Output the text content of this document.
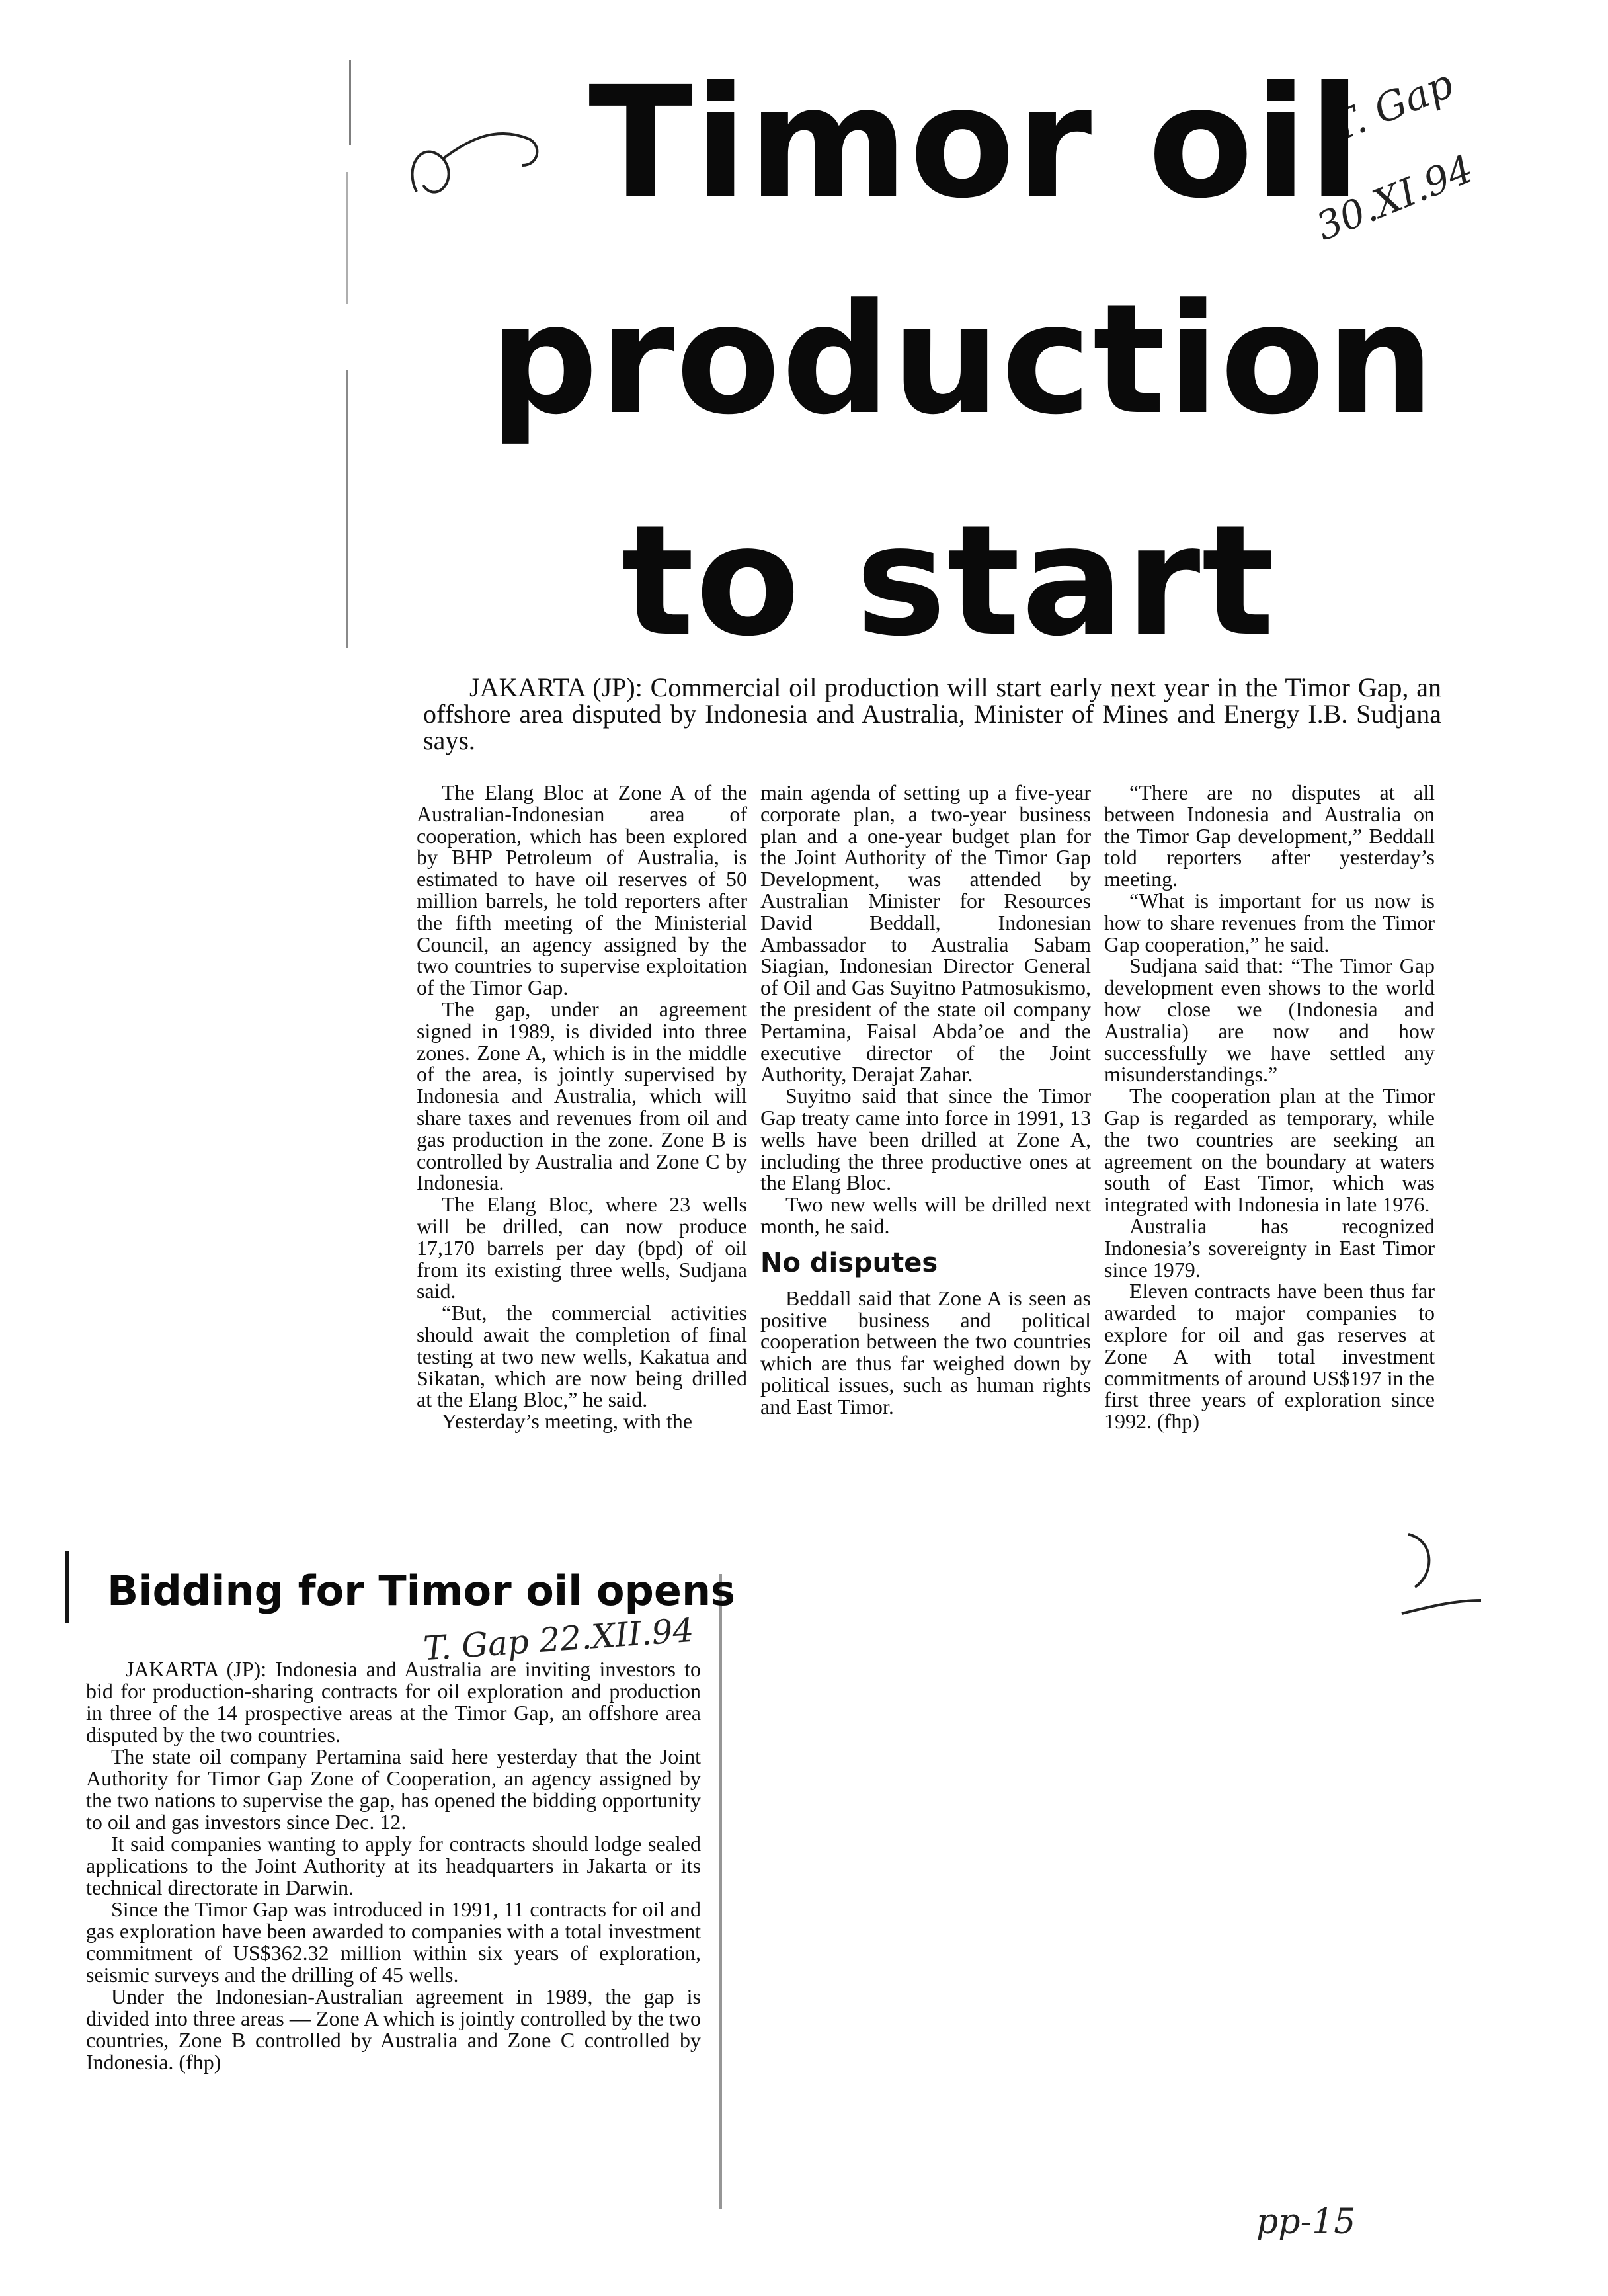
T. Gap
30.XI.94
Timor oil
production
to start
JAKARTA (JP): Commercial oil production will start early next year in the Timor Gap, an offshore area disputed by Indonesia and Australia, Minister of Mines and Energy I.B. Sudjana says.

The Elang Bloc at Zone A of the Australian-Indonesian area of cooperation, which has been explored by BHP Petroleum of Australia, is estimated to have oil reserves of 50 million barrels, he told reporters after the fifth meeting of the Ministerial Council, an agency assigned by the two countries to supervise exploitation of the Timor Gap.

The gap, under an agreement signed in 1989, is divided into three zones. Zone A, which is in the middle of the area, is jointly supervised by Indonesia and Australia, which will share taxes and revenues from oil and gas production in the zone. Zone B is controlled by Australia and Zone C by Indonesia.

The Elang Bloc, where 23 wells will be drilled, can now produce 17,170 barrels per day (bpd) of oil from its existing three wells, Sudjana said.

“But, the commercial activities should await the completion of final testing at two new wells, Kakatua and Sikatan, which are now being drilled at the Elang Bloc,” he said.

Yesterday’s meeting, with the

main agenda of setting up a five-year corporate plan, a two-year business plan and a one-year budget plan for the Joint Authority of the Timor Gap Development, was attended by Australian Minister for Resources David Beddall, Indonesian Ambassador to Australia Sabam Siagian, Indonesian Director General of Oil and Gas Suyitno Patmosukismo, the president of the state oil company Pertamina, Faisal Abda’oe and the executive director of the Joint Authority, Derajat Zahar.

Suyitno said that since the Timor Gap treaty came into force in 1991, 13 wells have been drilled at Zone A, including the three productive ones at the Elang Bloc.

Two new wells will be drilled next month, he said.

No disputes

Beddall said that Zone A is seen as positive business and political cooperation between the two countries which are thus far weighed down by political issues, such as human rights and East Timor.

“There are no disputes at all between Indonesia and Australia on the Timor Gap development,” Beddall told reporters after yesterday’s meeting.

“What is important for us now is how to share revenues from the Timor Gap cooperation,” he said.

Sudjana said that: “The Timor Gap development even shows to the world how close we (Indonesia and Australia) are now and how successfully we have settled any misunderstandings.”

The cooperation plan at the Timor Gap is regarded as temporary, while the two countries are seeking an agreement on the boundary at waters south of East Timor, which was integrated with Indonesia in late 1976.

Australia has recognized Indonesia’s sovereignty in East Timor since 1979.

Eleven contracts have been thus far awarded to major companies to explore for oil and gas reserves at Zone A with total investment commitments of around US$197 in the first three years of exploration since 1992. (fhp)

Bidding for Timor oil opens
T. Gap 22.XII.94

JAKARTA (JP): Indonesia and Australia are inviting investors to bid for production-sharing contracts for oil exploration and production in three of the 14 prospective areas at the Timor Gap, an offshore area disputed by the two countries.

The state oil company Pertamina said here yesterday that the Joint Authority for Timor Gap Zone of Cooperation, an agency assigned by the two nations to supervise the gap, has opened the bidding opportunity to oil and gas investors since Dec. 12.

It said companies wanting to apply for contracts should lodge sealed applications to the Joint Authority at its headquarters in Jakarta or its technical directorate in Darwin.

Since the Timor Gap was introduced in 1991, 11 contracts for oil and gas exploration have been awarded to companies with a total investment commitment of US$362.32 million within six years of exploration, seismic surveys and the drilling of 45 wells.

Under the Indonesian-Australian agreement in 1989, the gap is divided into three areas — Zone A which is jointly controlled by the two countries, Zone B controlled by Australia and Zone C controlled by Indonesia. (fhp)

pp-15
